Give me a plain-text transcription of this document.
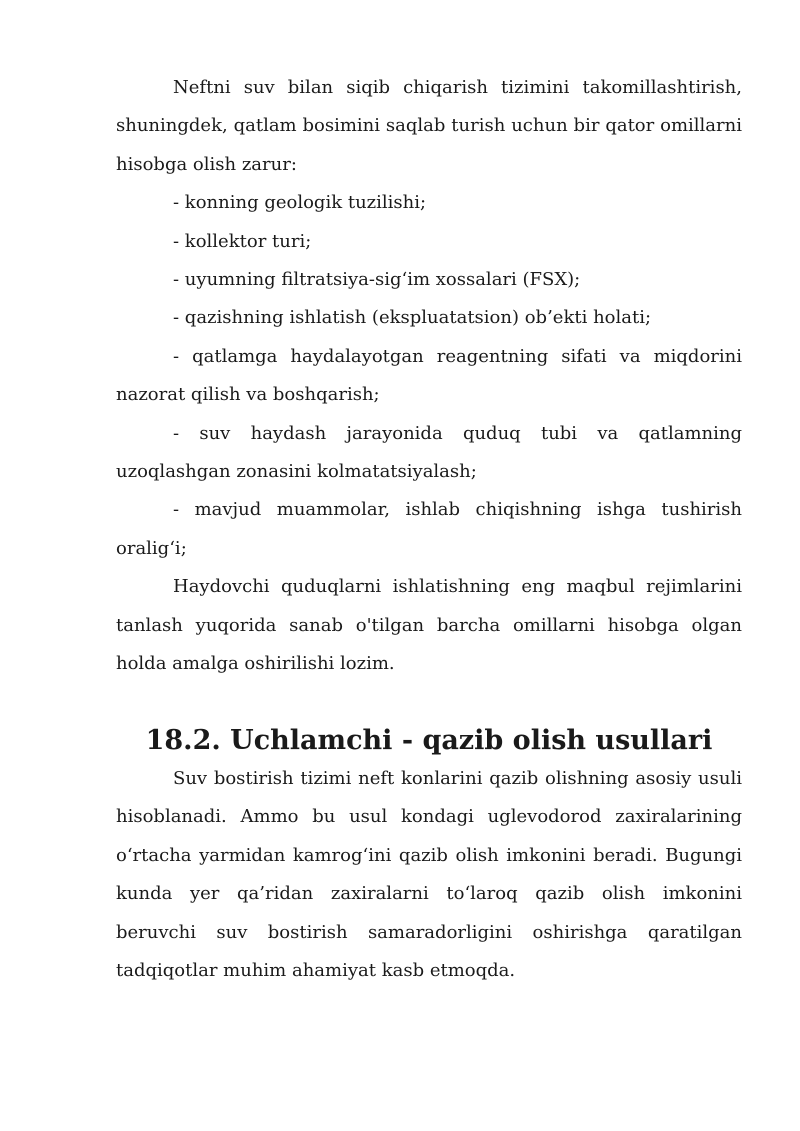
Neftni suv bilan siqib chiqarish tizimini takomillashtirish, shuningdek, qatlam bosimini saqlab turish uchun bir qator omillarni hisobga olish zarur:

- konning geologik tuzilishi;

- kollektor turi;

- uyumning filtratsiya-sig‘im xossalari (FSX);

- qazishning ishlatish (ekspluatatsion) ob’ekti holati;

- qatlamga haydalayotgan reagentning sifati va miqdorini nazorat qilish va boshqarish;

- suv haydash jarayonida quduq tubi va qatlamning uzoqlashgan zonasini kolmatatsiyalash;

- mavjud muammolar, ishlab chiqishning ishga tushirish oralig‘i;

Haydovchi quduqlarni ishlatishning eng maqbul rejimlarini tanlash yuqorida sanab o'tilgan barcha omillarni hisobga olgan holda amalga oshirilishi lozim.

18.2. Uchlamchi - qazib olish usullari

Suv bostirish tizimi neft konlarini qazib olishning asosiy usuli hisoblanadi. Ammo bu usul kondagi uglevodorod zaxiralarining o‘rtacha yarmidan kamrog‘ini qazib olish imkonini beradi. Bugungi kunda yer qa’ridan zaxiralarni to‘laroq qazib olish imkonini beruvchi suv bostirish samaradorligini oshirishga qaratilgan tadqiqotlar muhim ahamiyat kasb etmoqda.
